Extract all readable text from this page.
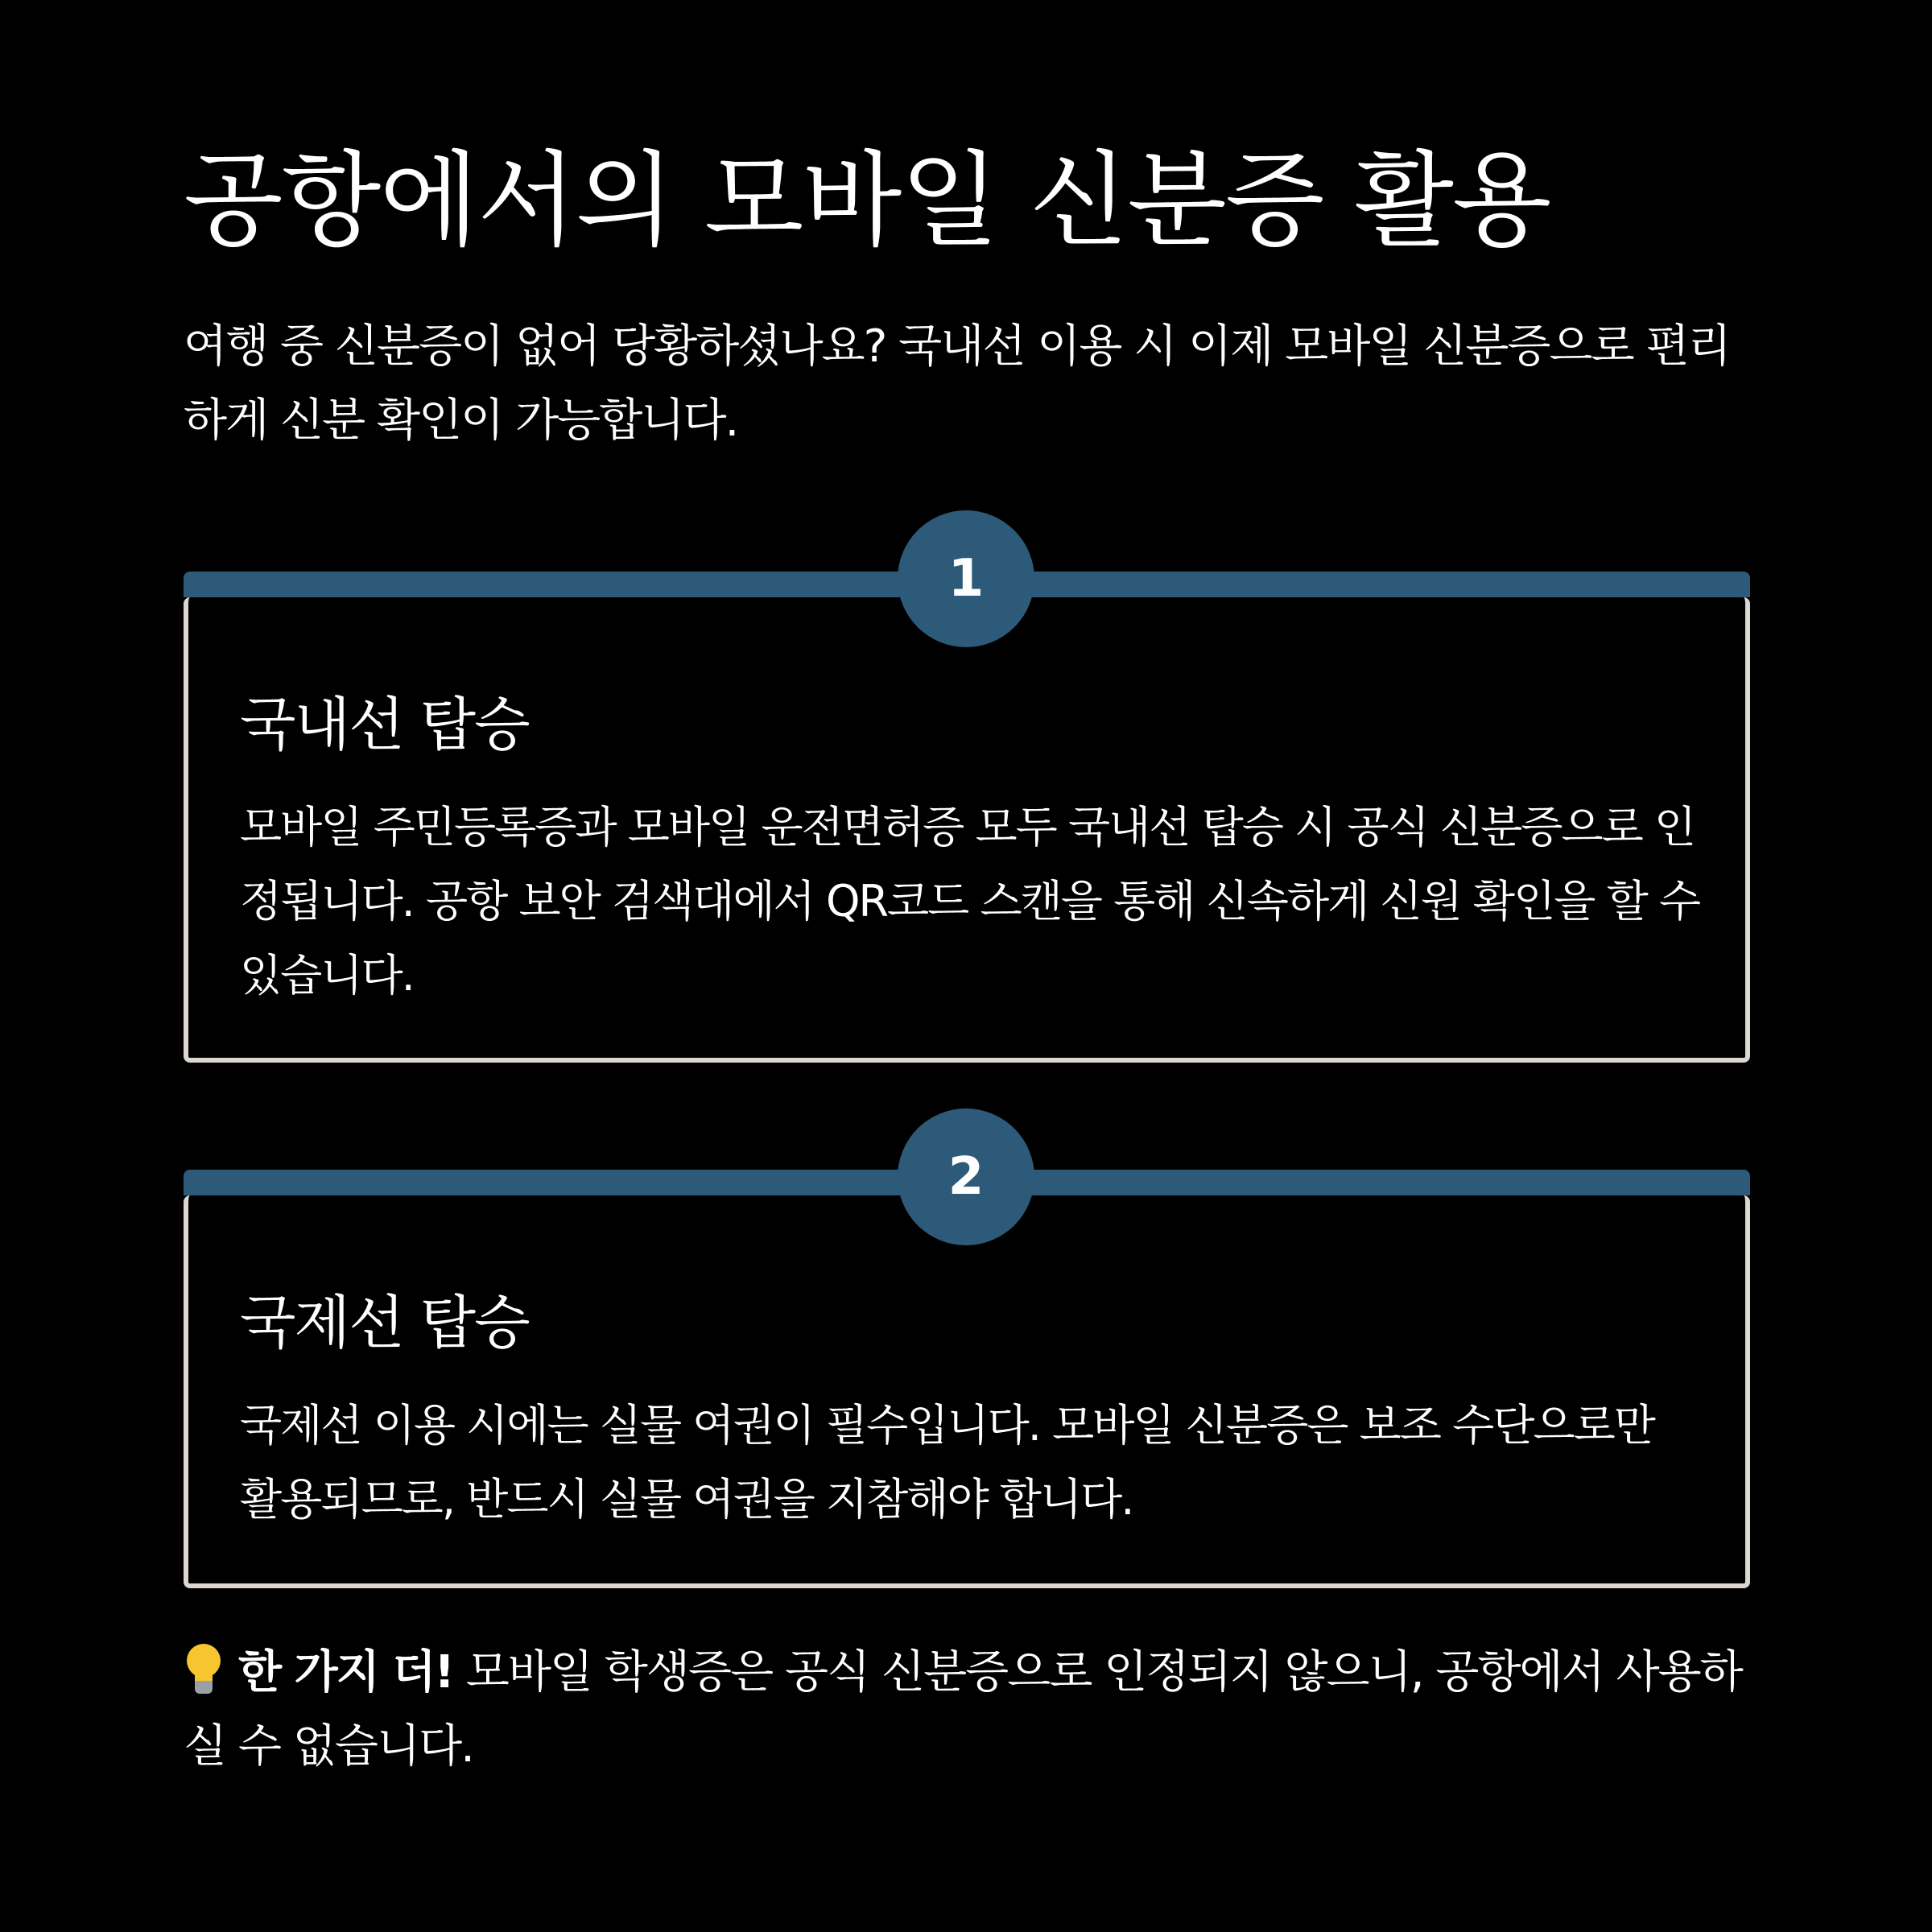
공항에서의 모바일 신분증 활용

여행 중 신분증이 없어 당황하셨나요? 국내선 이용 시 이제 모바일 신분증으로 편리하게 신분 확인이 가능합니다.

1
국내선 탑승

모바일 주민등록증과 모바일 운전면허증 모두 국내선 탑승 시 공식 신분증으로 인정됩니다. 공항 보안 검색대에서 QR코드 스캔을 통해 신속하게 신원 확인을 할 수 있습니다.

2
국제선 탑승

국제선 이용 시에는 실물 여권이 필수입니다. 모바일 신분증은 보조 수단으로만 활용되므로, 반드시 실물 여권을 지참해야 합니다.

한 가지 더! 모바일 학생증은 공식 신분증으로 인정되지 않으니, 공항에서 사용하실 수 없습니다.
